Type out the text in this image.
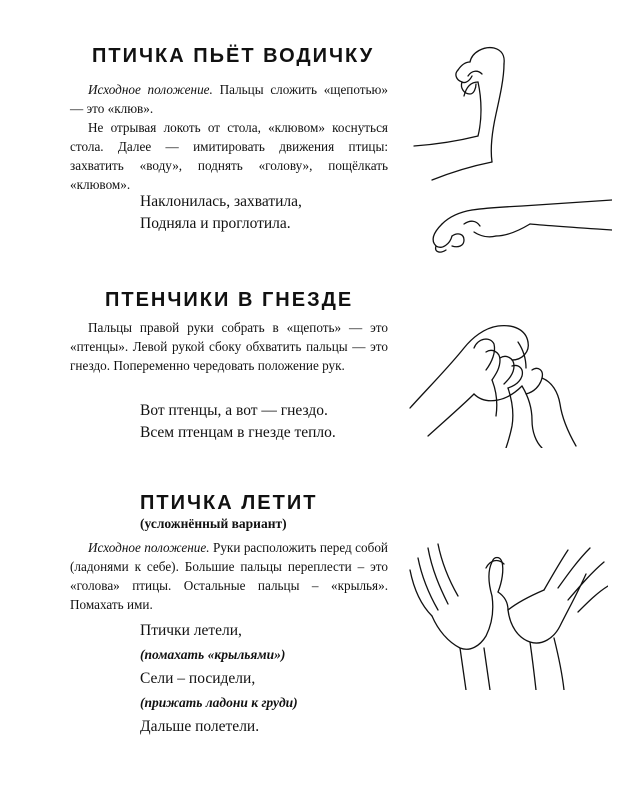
ПТИЧКА ПЬЁТ ВОДИЧКУ

Исходное положение. Пальцы сложить «щепотью» — это «клюв».

Не отрывая локоть от стола, «клювом» коснуться стола. Далее — имитировать движения птицы: захватить «воду», поднять «голову», пощёлкать «клювом».

Наклонилась, захватила,
Подняла и проглотила.
ПТЕНЧИКИ В ГНЕЗДЕ

Пальцы правой руки собрать в «щепоть» — это «птенцы». Левой рукой сбоку обхватить пальцы — это гнездо. Попеременно чередовать положение рук.

Вот птенцы, а вот — гнездо.
Всем птенцам в гнезде тепло.
ПТИЧКА ЛЕТИТ
(усложнённый вариант)

Исходное положение. Руки расположить перед собой (ладонями к себе). Большие пальцы переплести – это «голова» птицы. Остальные пальцы – «крылья». Помахать ими.

Птички летели,
(помахать «крыльями»)
Сели – посидели,
(прижать ладони к груди)
Дальше полетели.
